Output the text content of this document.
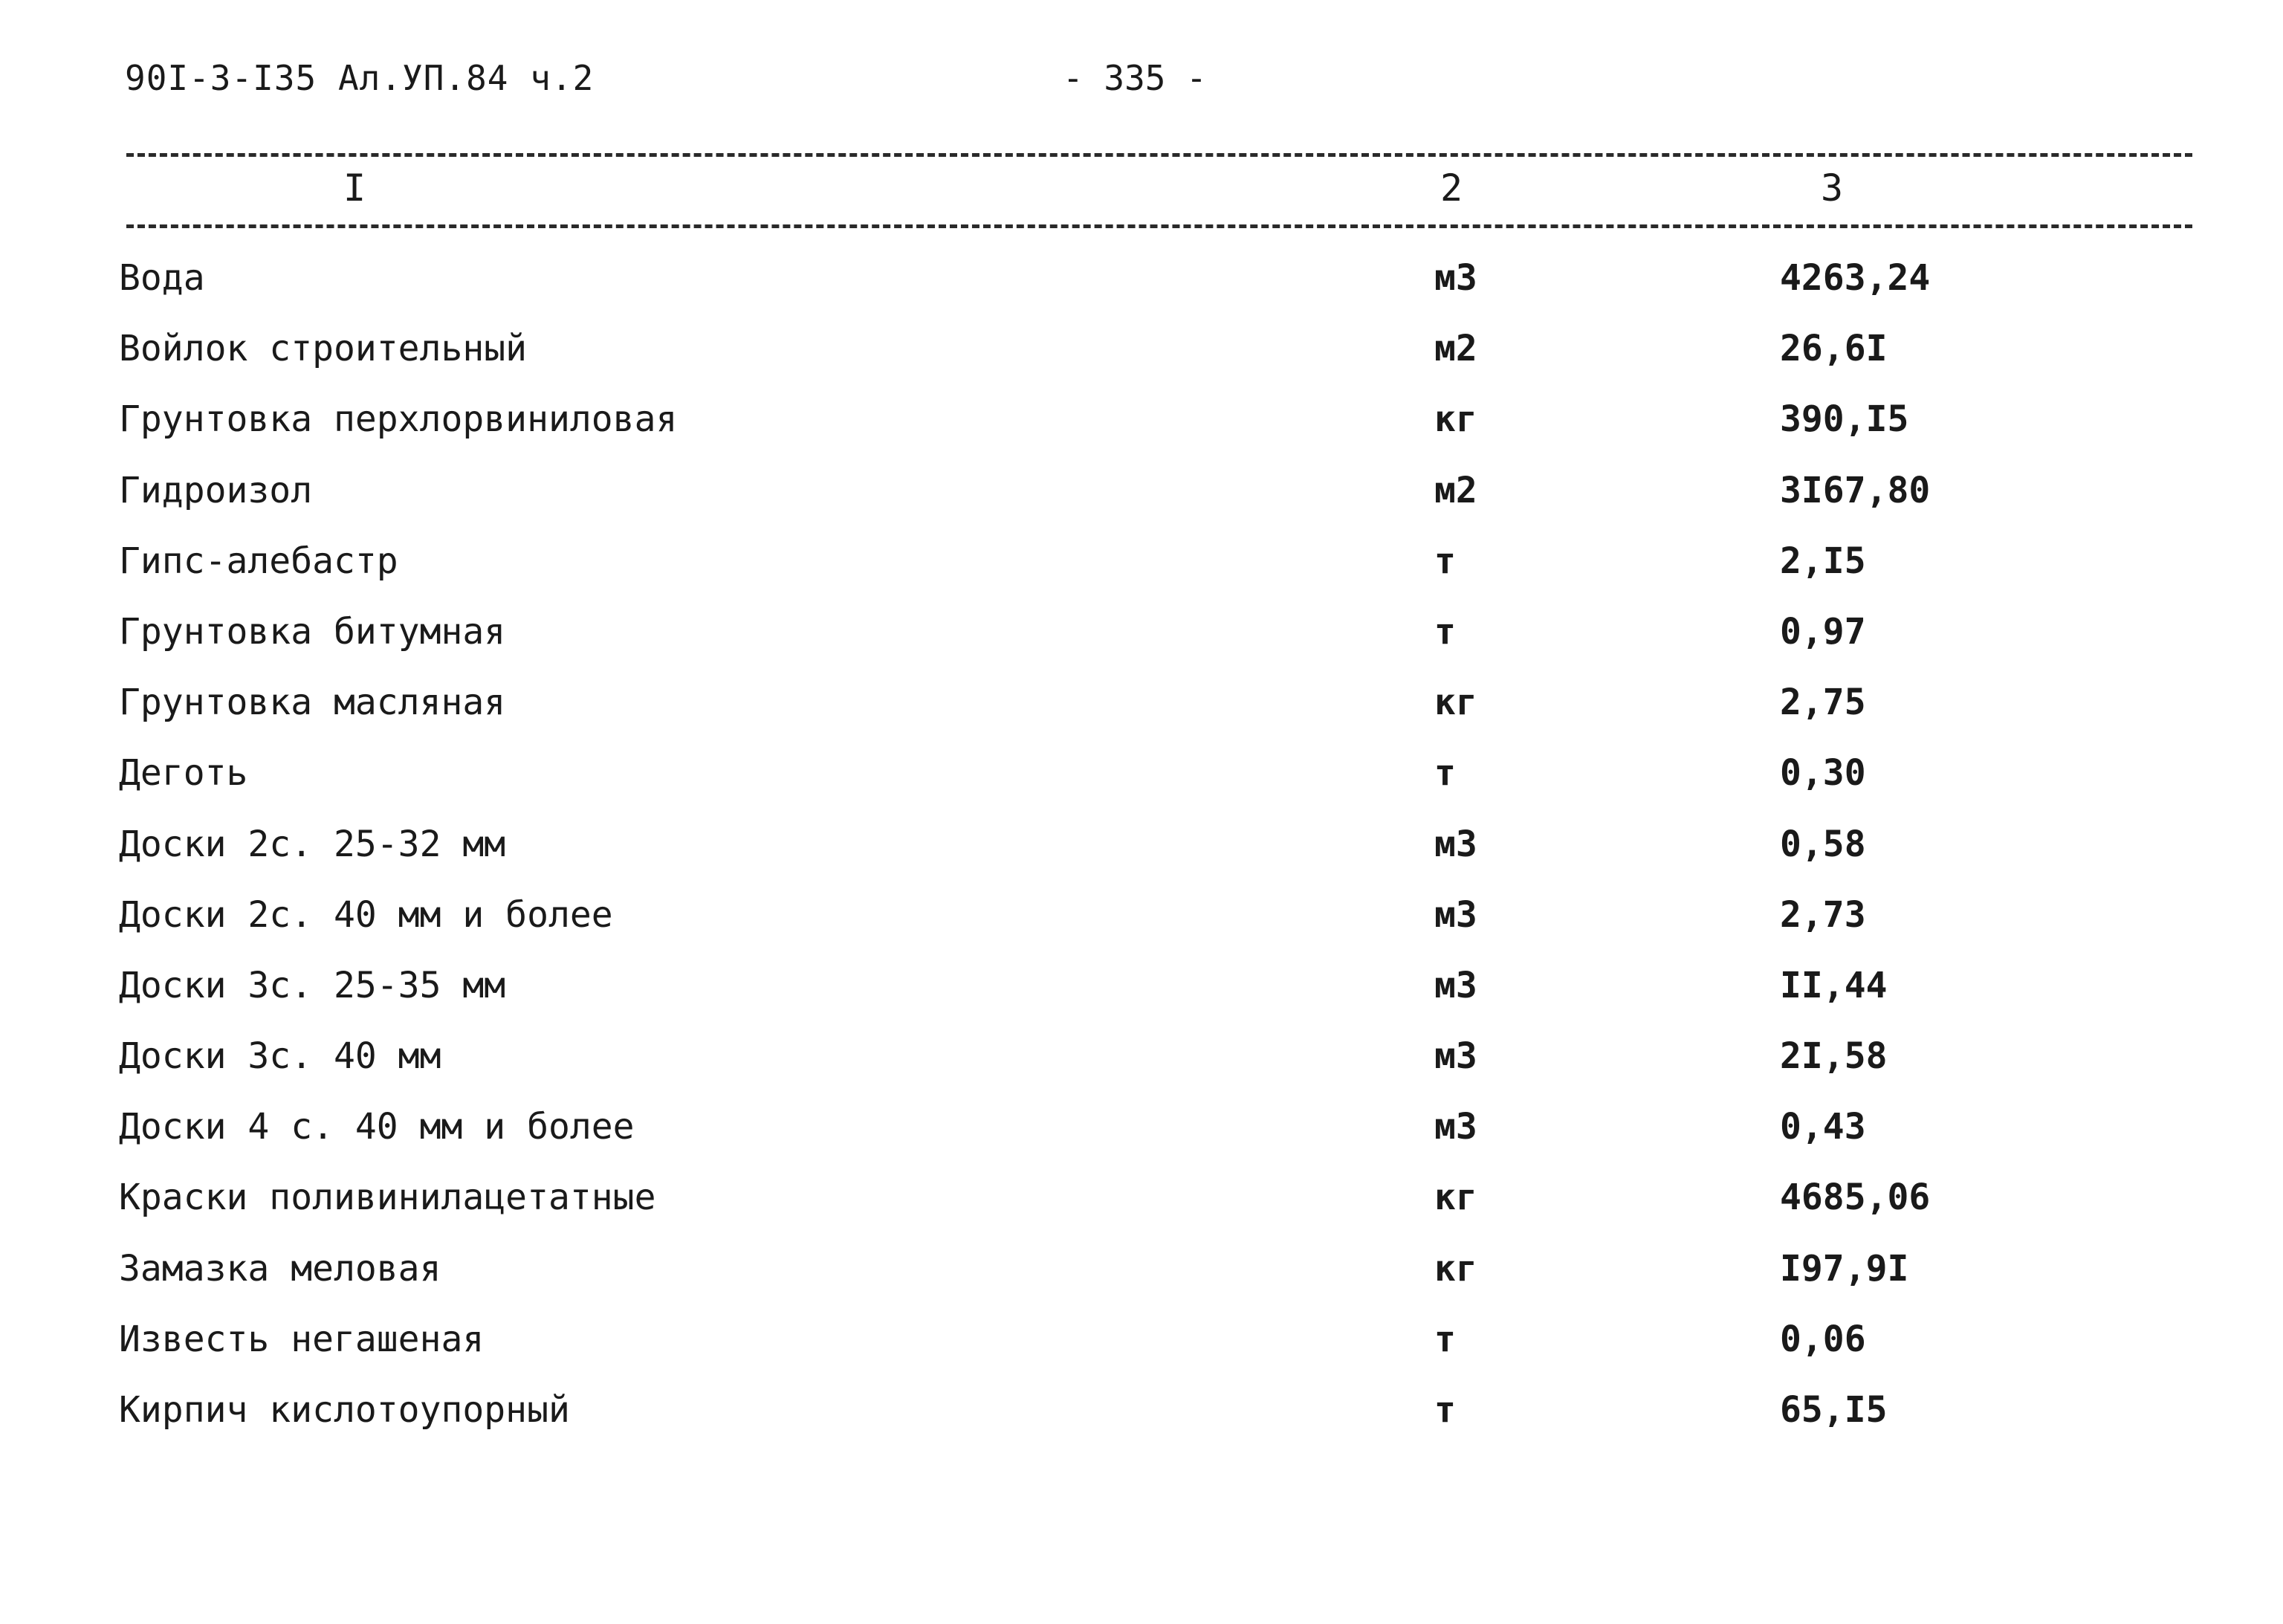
90I-3-I35 Ал.УП.84 ч.2	- 335 -
I	2	3
Вода	м3	4263,24
Войлок строительный	м2	26,6I
Грунтовка перхлорвиниловая	кг	390,I5
Гидроизол	м2	3I67,80
Гипс-алебастр	т	2,I5
Грунтовка битумная	т	0,97
Грунтовка масляная	кг	2,75
Деготь	т	0,30
Доски 2с. 25-32 мм	м3	0,58
Доски 2с. 40 мм и более	м3	2,73
Доски 3с. 25-35 мм	м3	II,44
Доски 3с. 40 мм	м3	2I,58
Доски 4 с. 40 мм и более	м3	0,43
Краски поливинилацетатные	кг	4685,06
Замазка меловая	кг	I97,9I
Известь негашеная	т	0,06
Кирпич кислотоупорный	т	65,I5
